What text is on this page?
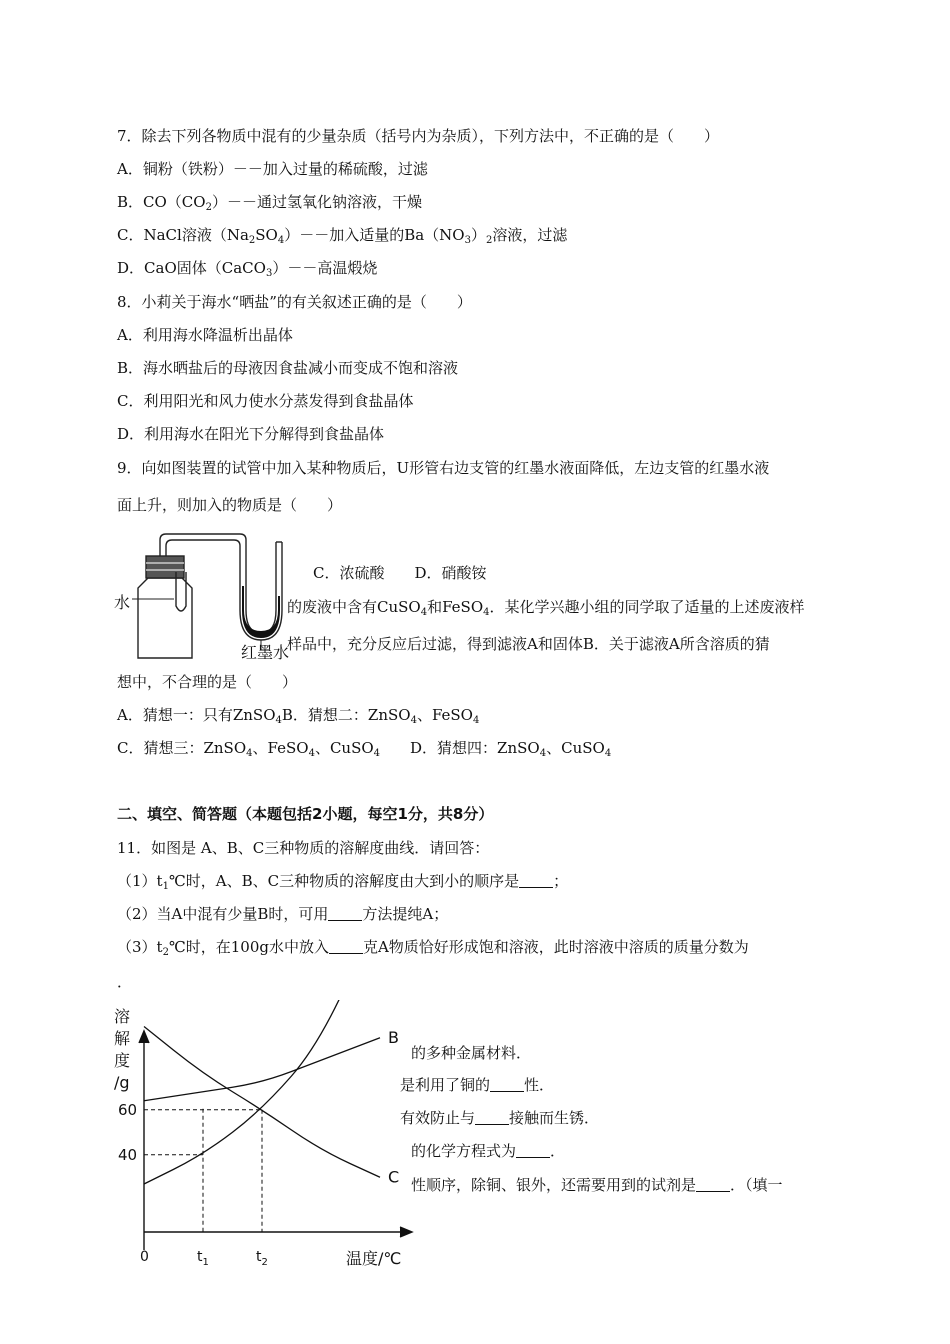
7．除去下列各物质中混有的少量杂质（括号内为杂质），下列方法中，不正确的是（　　）
A．铜粉（铁粉）－－加入过量的稀硫酸，过滤
B．$CO(CO_2)--$通过氢氧化钠溶液，干燥
C．NaCl溶液$(Na_2SO_4)--$加入适量的$Ba(NO_3)_2$溶液，过滤
D．CaO固体（CaCO$_3$）－－高温煅烧
8．小莉关于海水“晒盐”的有关叙述正确的是（　　）
A．利用海水降温析出晶体
B．海水晒盐后的母液因食盐减小而变成不饱和溶液
C．利用阳光和风力使水分蒸发得到食盐晶体
D．利用海水在阳光下分解得到食盐晶体
9．向如图装置的试管中加入某种物质后，U形管右边支管的红墨水液面降低，左边支管的红墨水液
面上升，则加入的物质是（　　）
水
红墨水
C．浓硫酸　　D．硝酸铵
的废液中含有CuSO$_4$和FeSO$_4$．某化学兴趣小组的同学取了适量的上述废液样
样品中，充分反应后过滤，得到滤液A和固体B．关于滤液A所含溶质的猜
想中，不合理的是（　　）
A．猜想一：只有ZnSO$_4$B．猜想二：ZnSO$_4$、FeSO$_4$
C．猜想三：ZnSO$_4$、FeSO$_4$、CuSO$_4$　　D．猜想四：ZnSO$_4$、CuSO$_4$
二、填空、简答题（本题包括2小题，每空1分，共8分）
11．如图是 A、B、C三种物质的溶解度曲线．请回答：
$(1)t_1℃$时，A、B、C三种物质的溶解度由大到小的顺序是 ；
（2）当A中混有少量B时，可用 方法提纯A；
$(3)t_2℃$时，在100g水中放入 克A物质恰好形成饱和溶液，此时溶液中溶质的质量分数为
．
的多种金属材料．
是利用了铜的 性．
有效防止与 接触而生锈．
的化学方程式为 ．
性顺序，除铜、银外，还需要用到的试剂是 ．（填一
B
C
60
40
$t_1$	$t_2$
0
溶
解
度
/g
温度/℃
